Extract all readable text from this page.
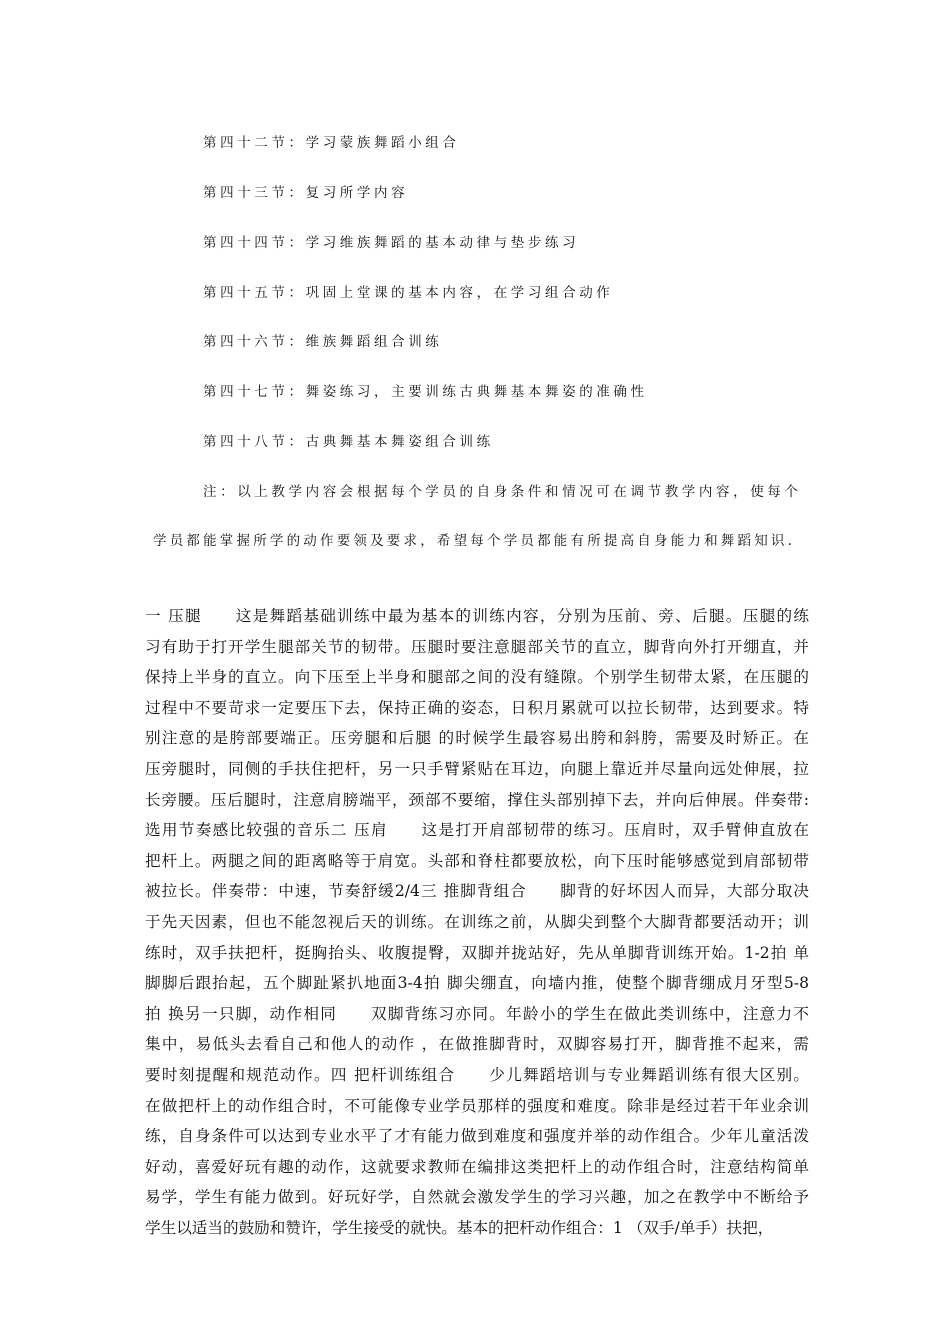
第四十二节：学习蒙族舞蹈小组合
第四十三节：复习所学内容
第四十四节：学习维族舞蹈的基本动律与垫步练习
第四十五节：巩固上堂课的基本内容，在学习组合动作
第四十六节：维族舞蹈组合训练
第四十七节：舞姿练习，主要训练古典舞基本舞姿的准确性
第四十八节：古典舞基本舞姿组合训练
注：以上教学内容会根据每个学员的自身条件和情况可在调节教学内容，使每个
学员都能掌握所学的动作要领及要求，希望每个学员都能有所提高自身能力和舞蹈知识.
一 压腿　　这是舞蹈基础训练中最为基本的训练内容，分别为压前、旁、后腿。压腿的练
习有助于打开学生腿部关节的韧带。压腿时要注意腿部关节的直立，脚背向外打开绷直，并
保持上半身的直立。向下压至上半身和腿部之间的没有缝隙。个别学生韧带太紧，在压腿的
过程中不要苛求一定要压下去，保持正确的姿态，日积月累就可以拉长韧带，达到要求。特
别注意的是胯部要端正。压旁腿和后腿 的时候学生最容易出胯和斜胯，需要及时矫正。在
压旁腿时，同侧的手扶住把杆，另一只手臂紧贴在耳边，向腿上靠近并尽量向远处伸展，拉
长旁腰。压后腿时，注意肩膀端平，颈部不要缩，撑住头部别掉下去，并向后伸展。伴奏带:
选用节奏感比较强的音乐二 压肩　　这是打开肩部韧带的练习。压肩时，双手臂伸直放在
把杆上。两腿之间的距离略等于肩宽。头部和脊柱都要放松，向下压时能够感觉到肩部韧带
被拉长。伴奏带：中速，节奏舒缓2/4三 推脚背组合　　脚背的好坏因人而异，大部分取决
于先天因素，但也不能忽视后天的训练。在训练之前，从脚尖到整个大脚背都要活动开；训
练时，双手扶把杆，挺胸抬头、收腹提臀，双脚并拢站好，先从单脚背训练开始。1-2拍 单
脚脚后跟抬起，五个脚趾紧扒地面3-4拍 脚尖绷直，向墙内推，使整个脚背绷成月牙型5-8
拍 换另一只脚，动作相同　　双脚背练习亦同。年龄小的学生在做此类训练中，注意力不
集中，易低头去看自己和他人的动作 ，在做推脚背时，双脚容易打开，脚背推不起来，需
要时刻提醒和规范动作。四 把杆训练组合　　少儿舞蹈培训与专业舞蹈训练有很大区别。
在做把杆上的动作组合时，不可能像专业学员那样的强度和难度。除非是经过若干年业余训
练，自身条件可以达到专业水平了才有能力做到难度和强度并举的动作组合。少年儿童活泼
好动，喜爱好玩有趣的动作，这就要求教师在编排这类把杆上的动作组合时，注意结构简单
易学，学生有能力做到。好玩好学，自然就会激发学生的学习兴趣，加之在教学中不断给予
学生以适当的鼓励和赞许，学生接受的就快。基本的把杆动作组合：1 （双手/单手）扶把，
